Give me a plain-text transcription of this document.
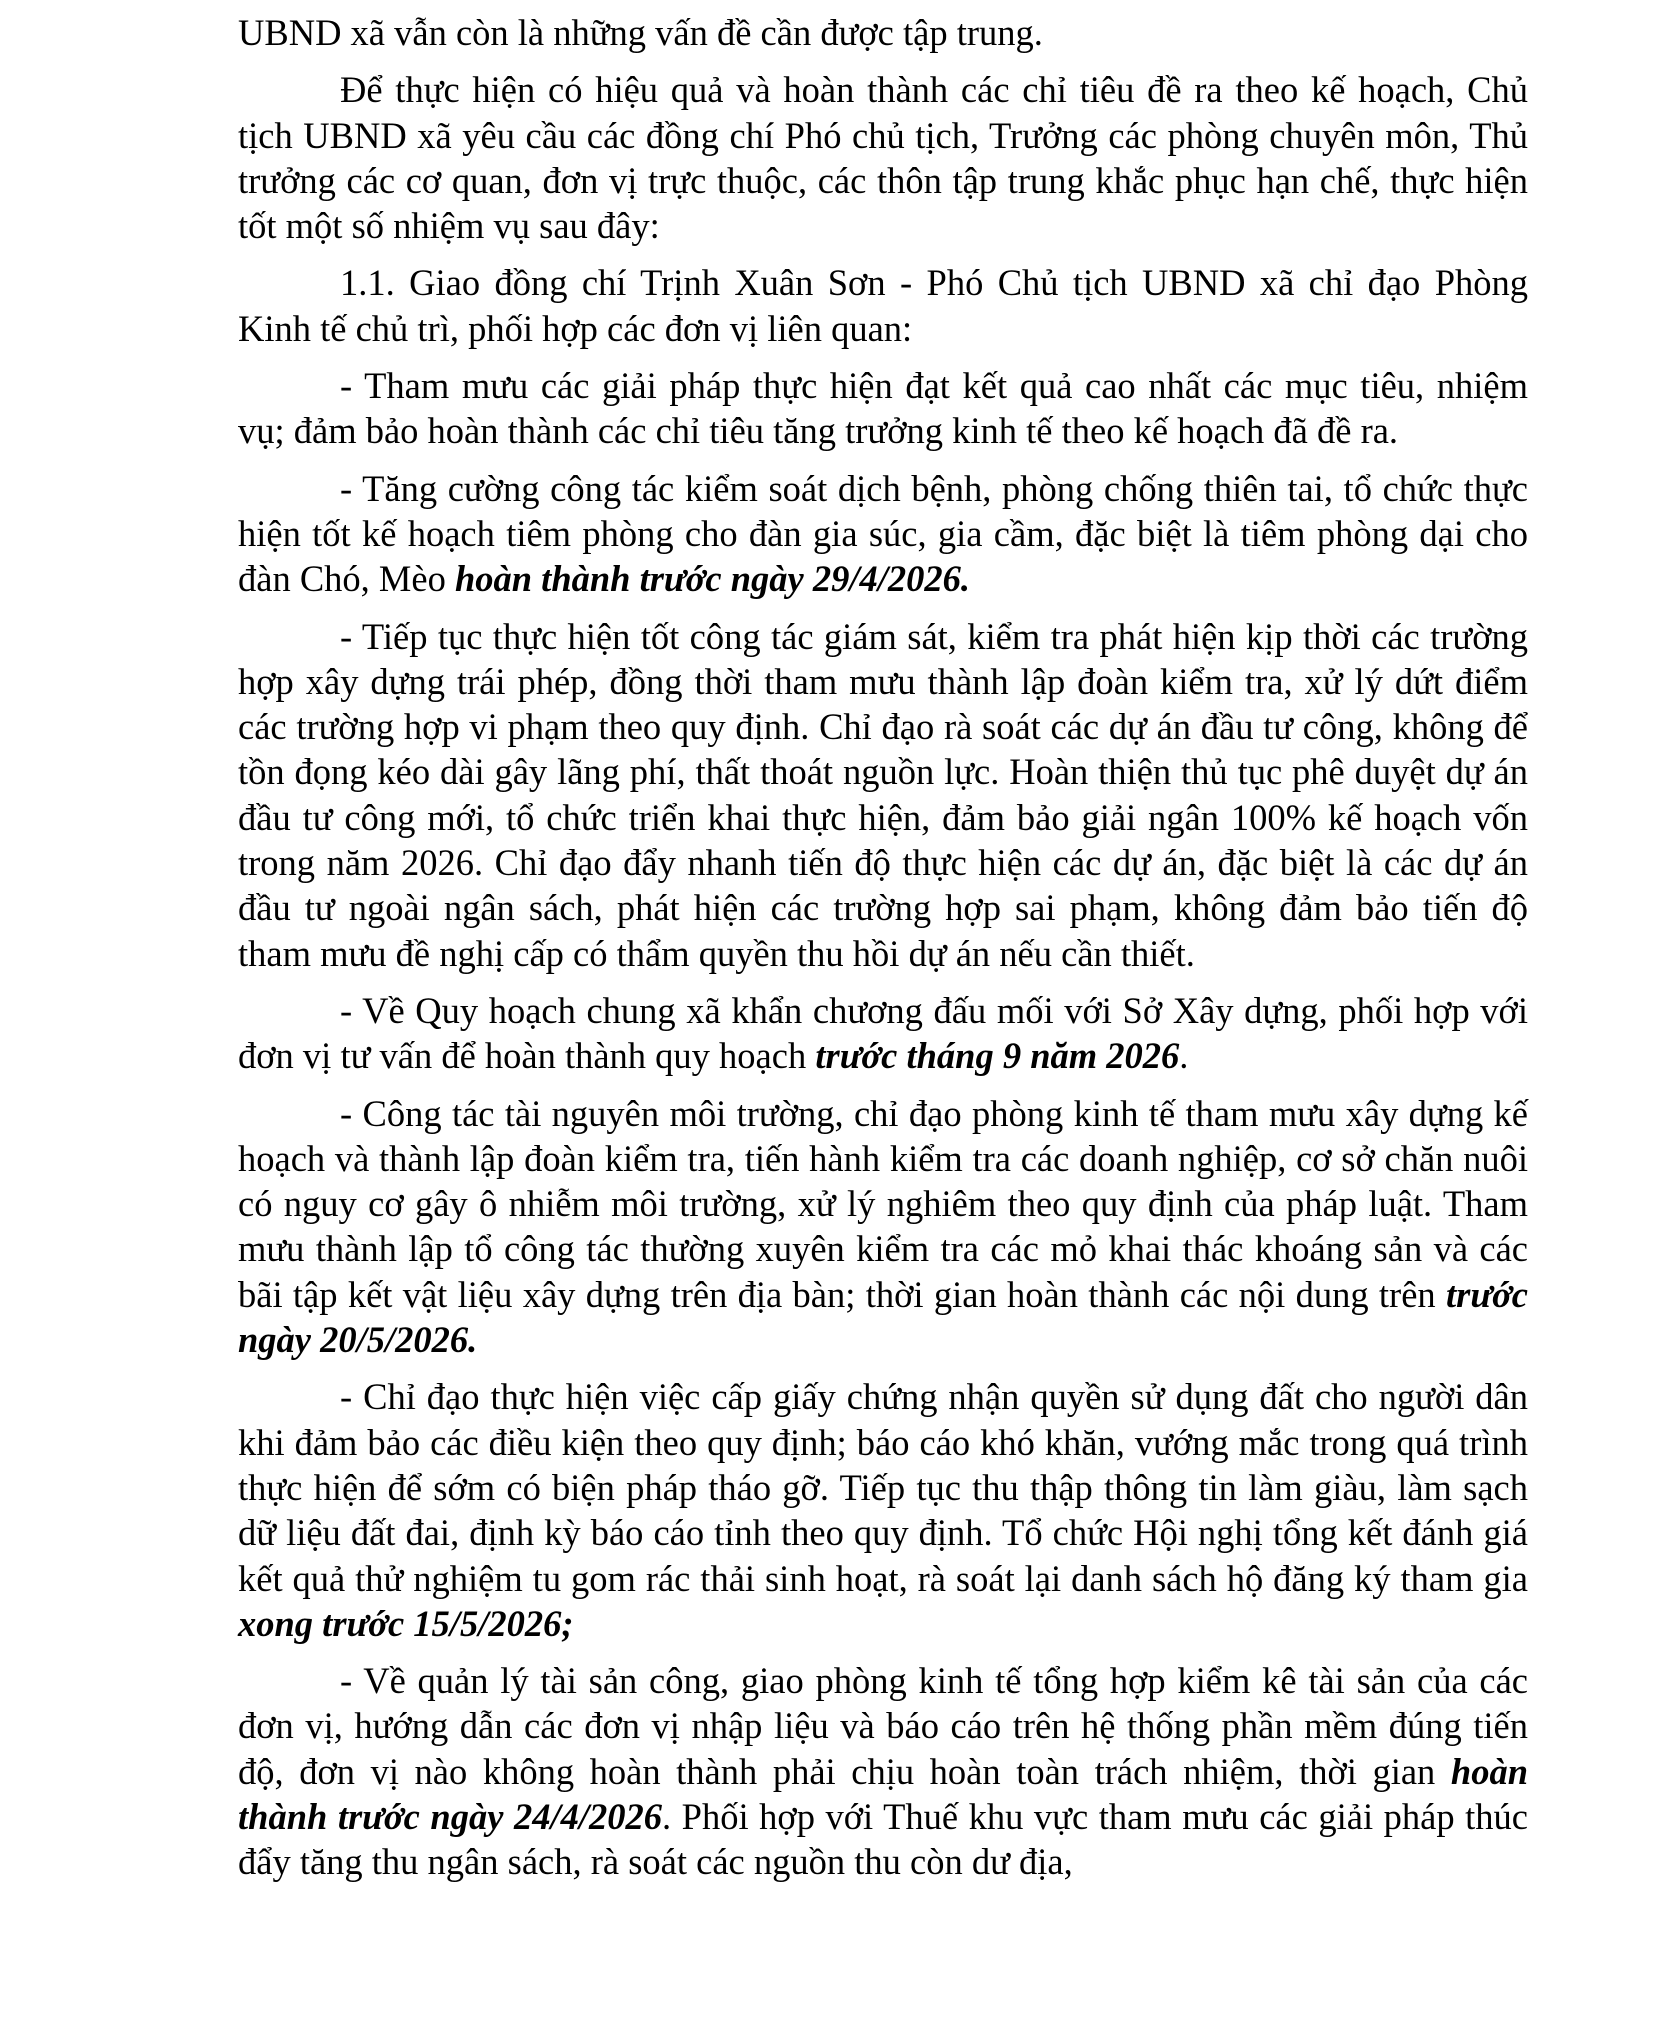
UBND xã vẫn còn là những vấn đề cần được tập trung.

Để thực hiện có hiệu quả và hoàn thành các chỉ tiêu đề ra theo kế hoạch, Chủ tịch UBND xã yêu cầu các đồng chí Phó chủ tịch, Trưởng các phòng chuyên môn, Thủ trưởng các cơ quan, đơn vị trực thuộc, các thôn tập trung khắc phục hạn chế, thực hiện tốt một số nhiệm vụ sau đây:

1.1. Giao đồng chí Trịnh Xuân Sơn - Phó Chủ tịch UBND xã chỉ đạo Phòng Kinh tế chủ trì, phối hợp các đơn vị liên quan:

- Tham mưu các giải pháp thực hiện đạt kết quả cao nhất các mục tiêu, nhiệm vụ; đảm bảo hoàn thành các chỉ tiêu tăng trưởng kinh tế theo kế hoạch đã đề ra.

- Tăng cường công tác kiểm soát dịch bệnh, phòng chống thiên tai, tổ chức thực hiện tốt kế hoạch tiêm phòng cho đàn gia súc, gia cầm, đặc biệt là tiêm phòng dại cho đàn Chó, Mèo hoàn thành trước ngày 29/4/2026.

- Tiếp tục thực hiện tốt công tác giám sát, kiểm tra phát hiện kịp thời các trường hợp xây dựng trái phép, đồng thời tham mưu thành lập đoàn kiểm tra, xử lý dứt điểm các trường hợp vi phạm theo quy định. Chỉ đạo rà soát các dự án đầu tư công, không để tồn đọng kéo dài gây lãng phí, thất thoát nguồn lực. Hoàn thiện thủ tục phê duyệt dự án đầu tư công mới, tổ chức triển khai thực hiện, đảm bảo giải ngân 100% kế hoạch vốn trong năm 2026. Chỉ đạo đẩy nhanh tiến độ thực hiện các dự án, đặc biệt là các dự án đầu tư ngoài ngân sách, phát hiện các trường hợp sai phạm, không đảm bảo tiến độ tham mưu đề nghị cấp có thẩm quyền thu hồi dự án nếu cần thiết.

- Về Quy hoạch chung xã khẩn chương đấu mối với Sở Xây dựng, phối hợp với đơn vị tư vấn để hoàn thành quy hoạch trước tháng 9 năm 2026.

- Công tác tài nguyên môi trường, chỉ đạo phòng kinh tế tham mưu xây dựng kế hoạch và thành lập đoàn kiểm tra, tiến hành kiểm tra các doanh nghiệp, cơ sở chăn nuôi có nguy cơ gây ô nhiễm môi trường, xử lý nghiêm theo quy định của pháp luật. Tham mưu thành lập tổ công tác thường xuyên kiểm tra các mỏ khai thác khoáng sản và các bãi tập kết vật liệu xây dựng trên địa bàn; thời gian hoàn thành các nội dung trên trước ngày 20/5/2026.

- Chỉ đạo thực hiện việc cấp giấy chứng nhận quyền sử dụng đất cho người dân khi đảm bảo các điều kiện theo quy định; báo cáo khó khăn, vướng mắc trong quá trình thực hiện để sớm có biện pháp tháo gỡ. Tiếp tục thu thập thông tin làm giàu, làm sạch dữ liệu đất đai, định kỳ báo cáo tỉnh theo quy định. Tổ chức Hội nghị tổng kết đánh giá kết quả thử nghiệm tu gom rác thải sinh hoạt, rà soát lại danh sách hộ đăng ký tham gia xong trước 15/5/2026;

- Về quản lý tài sản công, giao phòng kinh tế tổng hợp kiểm kê tài sản của các đơn vị, hướng dẫn các đơn vị nhập liệu và báo cáo trên hệ thống phần mềm đúng tiến độ, đơn vị nào không hoàn thành phải chịu hoàn toàn trách nhiệm, thời gian hoàn thành trước ngày 24/4/2026. Phối hợp với Thuế khu vực tham mưu các giải pháp thúc đẩy tăng thu ngân sách, rà soát các nguồn thu còn dư địa,
